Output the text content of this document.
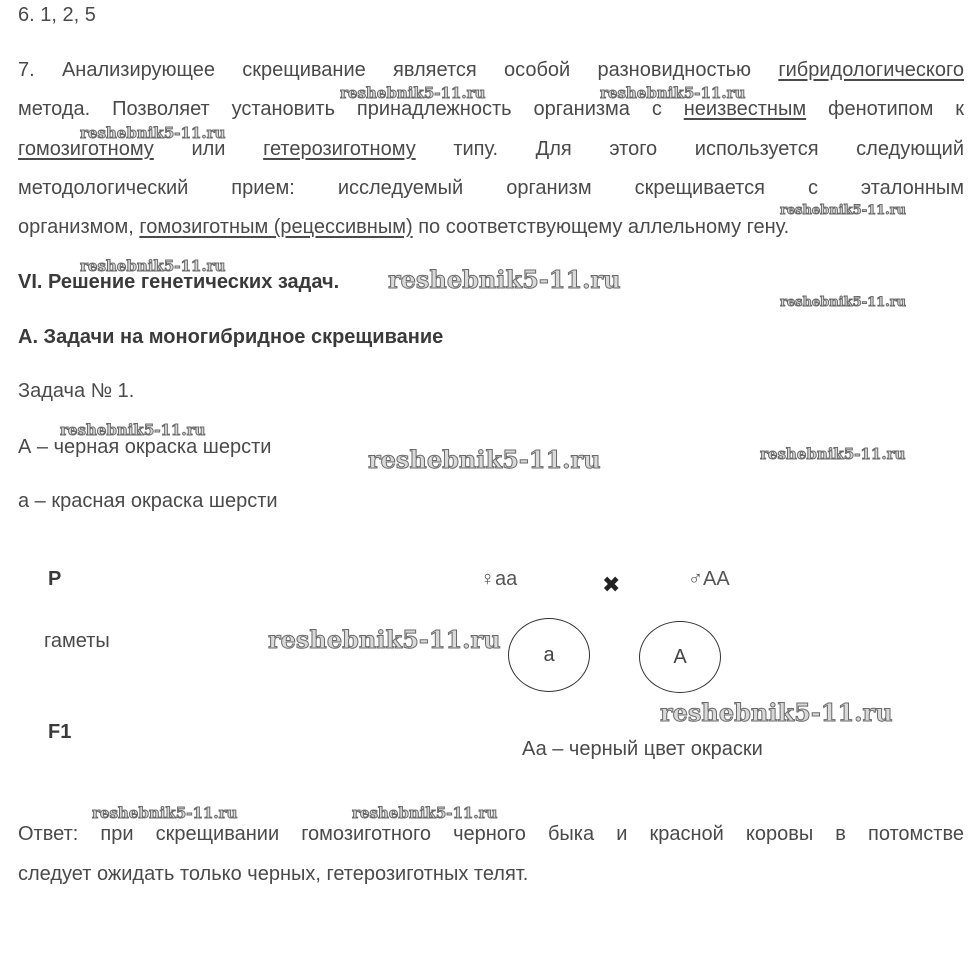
6. 1, 2, 5
7. Анализирующее скрещивание является особой разновидностью гибридологического
метода. Позволяет установить принадлежность организма с неизвестным фенотипом к
гомозиготному или гетерозиготному типу. Для этого используется следующий
методологический прием: исследуемый организм скрещивается с эталонным
организмом, гомозиготным (рецессивным) по соответствующему аллельному гену.
VI. Решение генетических задач.
А. Задачи на моногибридное скрещивание
Задача № 1.
А – черная окраска шерсти
а – красная окраска шерсти
P	♀аа	✖	♂АА
гаметы
а	А
F1
Аа – черный цвет окраски
Ответ: при скрещивании гомозиготного черного быка и красной коровы в потомстве
следует ожидать только черных, гетерозиготных телят.
reshebnik5-11.ru	reshebnik5-11.ru
reshebnik5-11.ru
reshebnik5-11.ru
reshebnik5-11.ru	reshebnik5-11.ru
reshebnik5-11.ru
reshebnik5-11.ru
reshebnik5-11.ru	reshebnik5-11.ru
reshebnik5-11.ru
reshebnik5-11.ru
reshebnik5-11.ru	reshebnik5-11.ru
